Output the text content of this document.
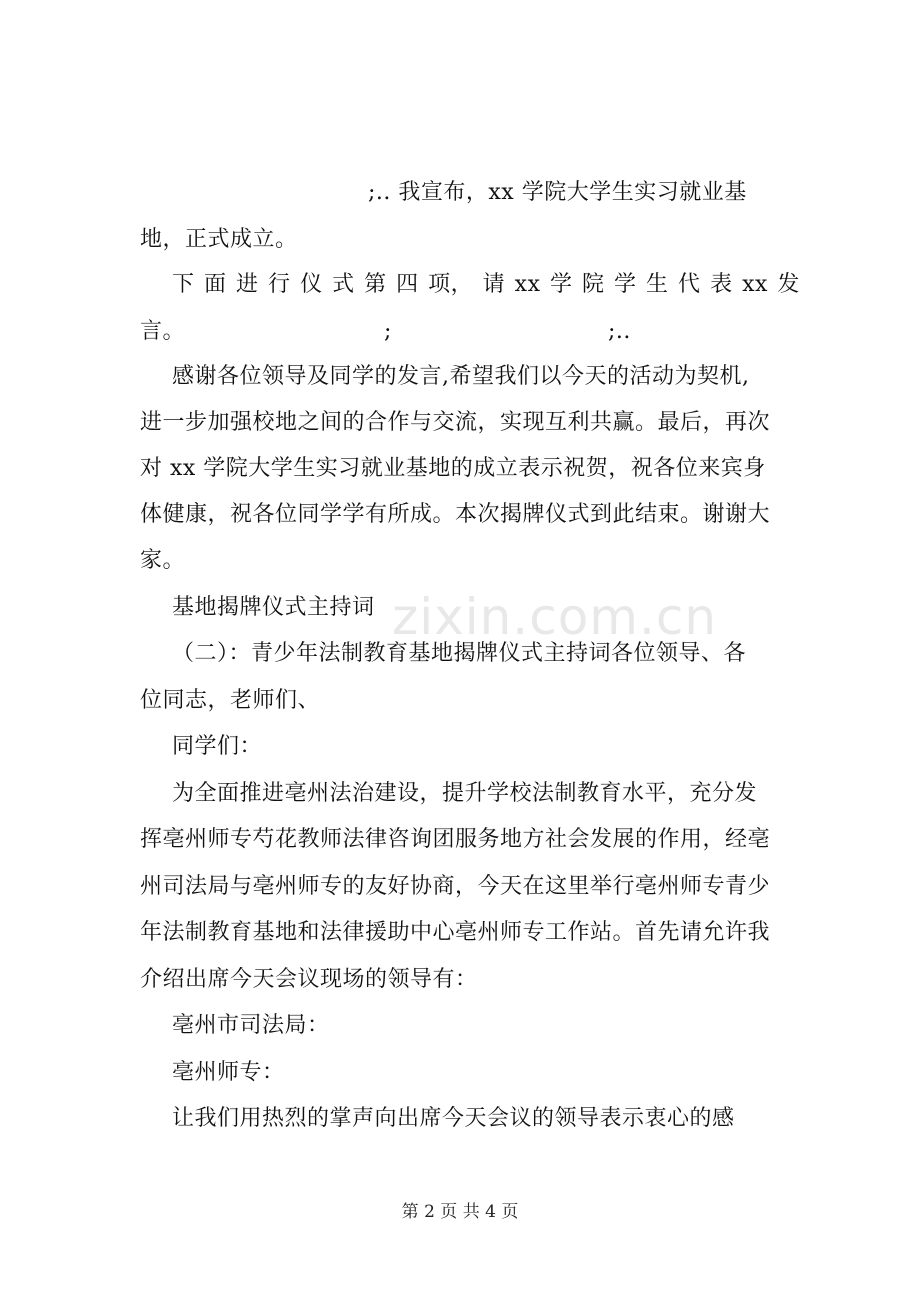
;.. 我宣布，xx 学院大学生实习就业基
地，正式成立。
下 面 进 行 仪 式 第 四 项， 请 xx 学 院 学 生 代 表 xx 发
言。	;	;..
感谢各位领导及同学的发言,希望我们以今天的活动为契机,
进一步加强校地之间的合作与交流，实现互利共赢。最后，再次
对 xx 学院大学生实习就业基地的成立表示祝贺，祝各位来宾身
体健康，祝各位同学学有所成。本次揭牌仪式到此结束。谢谢大
家。
基地揭牌仪式主持词
（二）：青少年法制教育基地揭牌仪式主持词各位领导、各
位同志，老师们、
同学们：
为全面推进亳州法治建设，提升学校法制教育水平，充分发
挥亳州师专芍花教师法律咨询团服务地方社会发展的作用，经亳
州司法局与亳州师专的友好协商，今天在这里举行亳州师专青少
年法制教育基地和法律援助中心亳州师专工作站。首先请允许我
介绍出席今天会议现场的领导有：
亳州市司法局：
亳州师专：
让我们用热烈的掌声向出席今天会议的领导表示衷心的感
zixin.com.cn
第 2 页 共 4 页
